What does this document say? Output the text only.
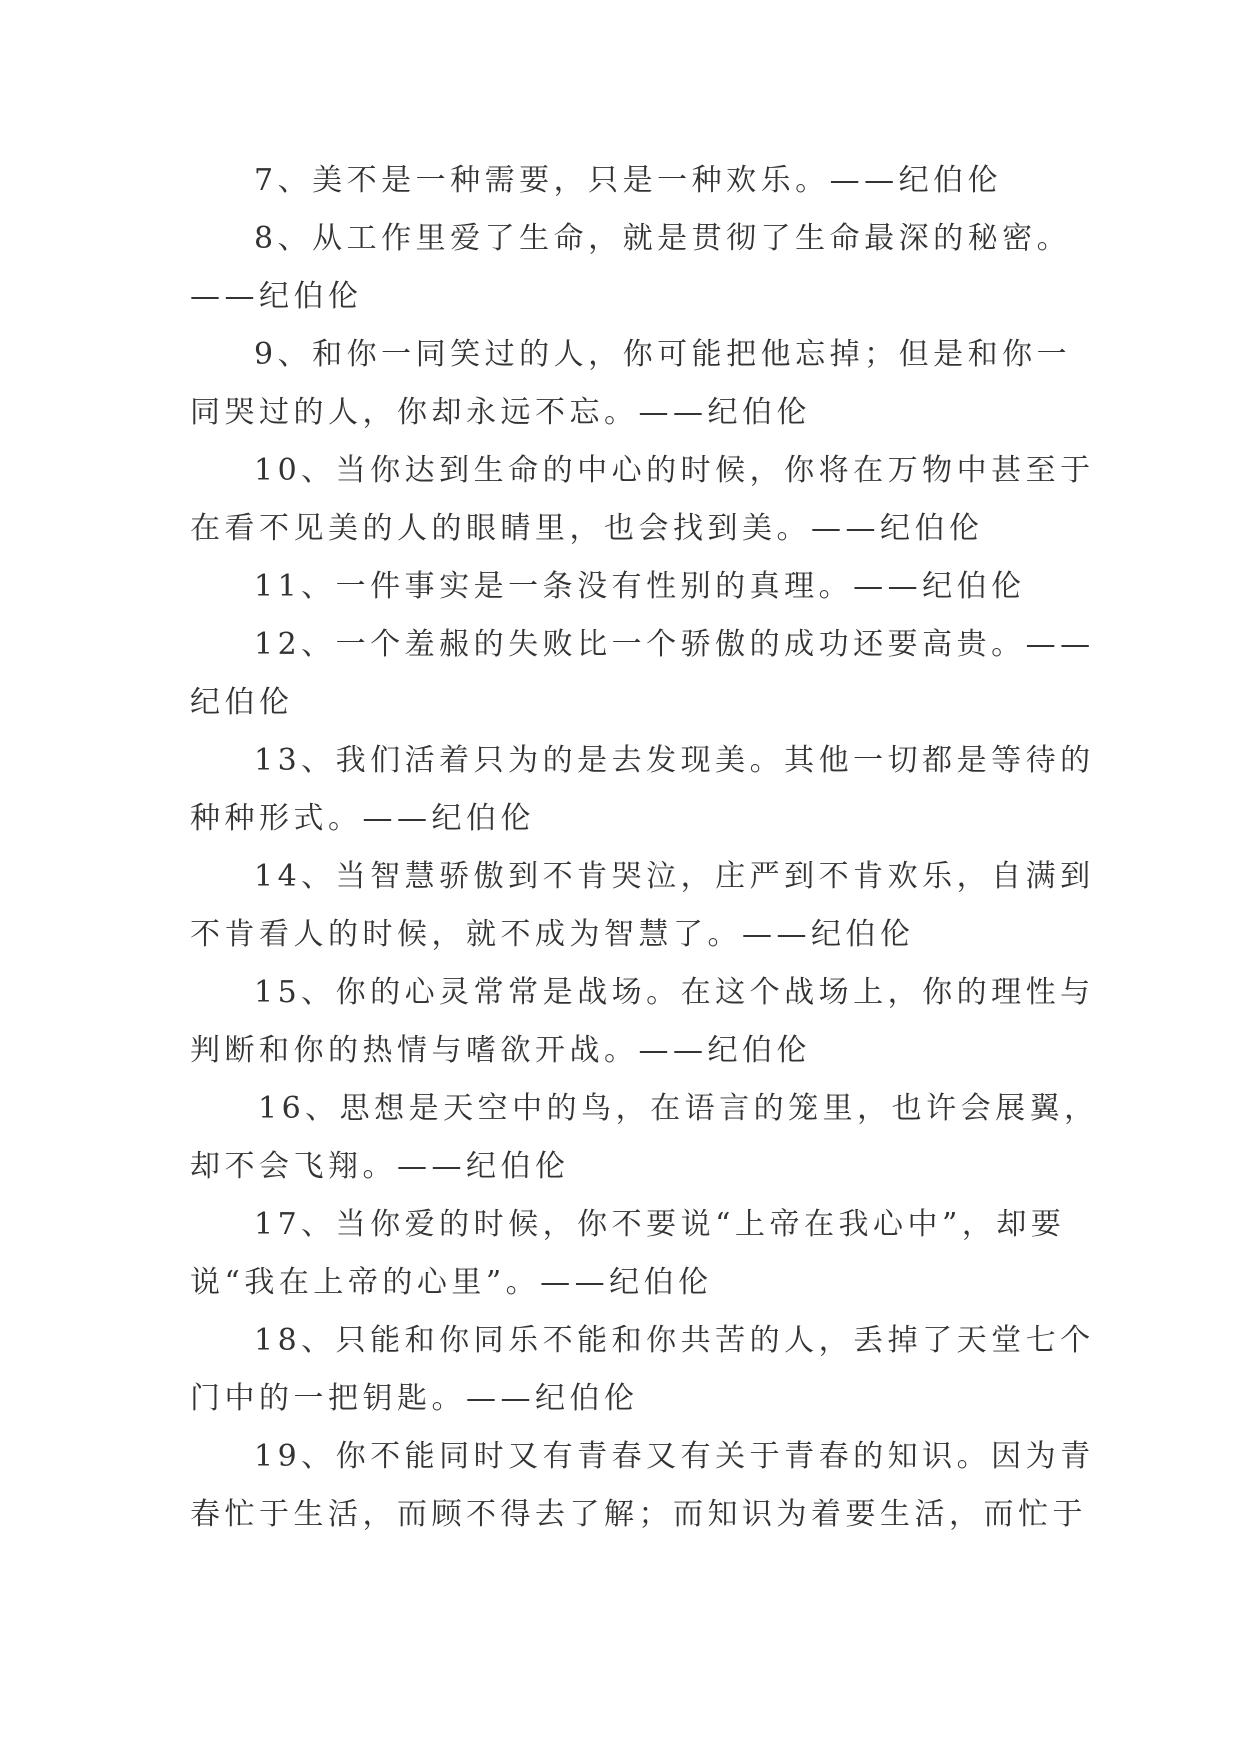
7、美不是一种需要，只是一种欢乐。——纪伯伦
8、从工作里爱了生命，就是贯彻了生命最深的秘密。
——纪伯伦
9、和你一同笑过的人，你可能把他忘掉；但是和你一
同哭过的人，你却永远不忘。——纪伯伦
10、当你达到生命的中心的时候，你将在万物中甚至于
在看不见美的人的眼睛里，也会找到美。——纪伯伦
11、一件事实是一条没有性别的真理。——纪伯伦
12、一个羞赧的失败比一个骄傲的成功还要高贵。——
纪伯伦
13、我们活着只为的是去发现美。其他一切都是等待的
种种形式。——纪伯伦
14、当智慧骄傲到不肯哭泣，庄严到不肯欢乐，自满到
不肯看人的时候，就不成为智慧了。——纪伯伦
15、你的心灵常常是战场。在这个战场上，你的理性与
判断和你的热情与嗜欲开战。——纪伯伦
16、思想是天空中的鸟，在语言的笼里，也许会展翼，
却不会飞翔。——纪伯伦
17、当你爱的时候，你不要说“上帝在我心中”，却要
说“我在上帝的心里”。——纪伯伦
18、只能和你同乐不能和你共苦的人，丢掉了天堂七个
门中的一把钥匙。——纪伯伦
19、你不能同时又有青春又有关于青春的知识。因为青
春忙于生活，而顾不得去了解；而知识为着要生活，而忙于
